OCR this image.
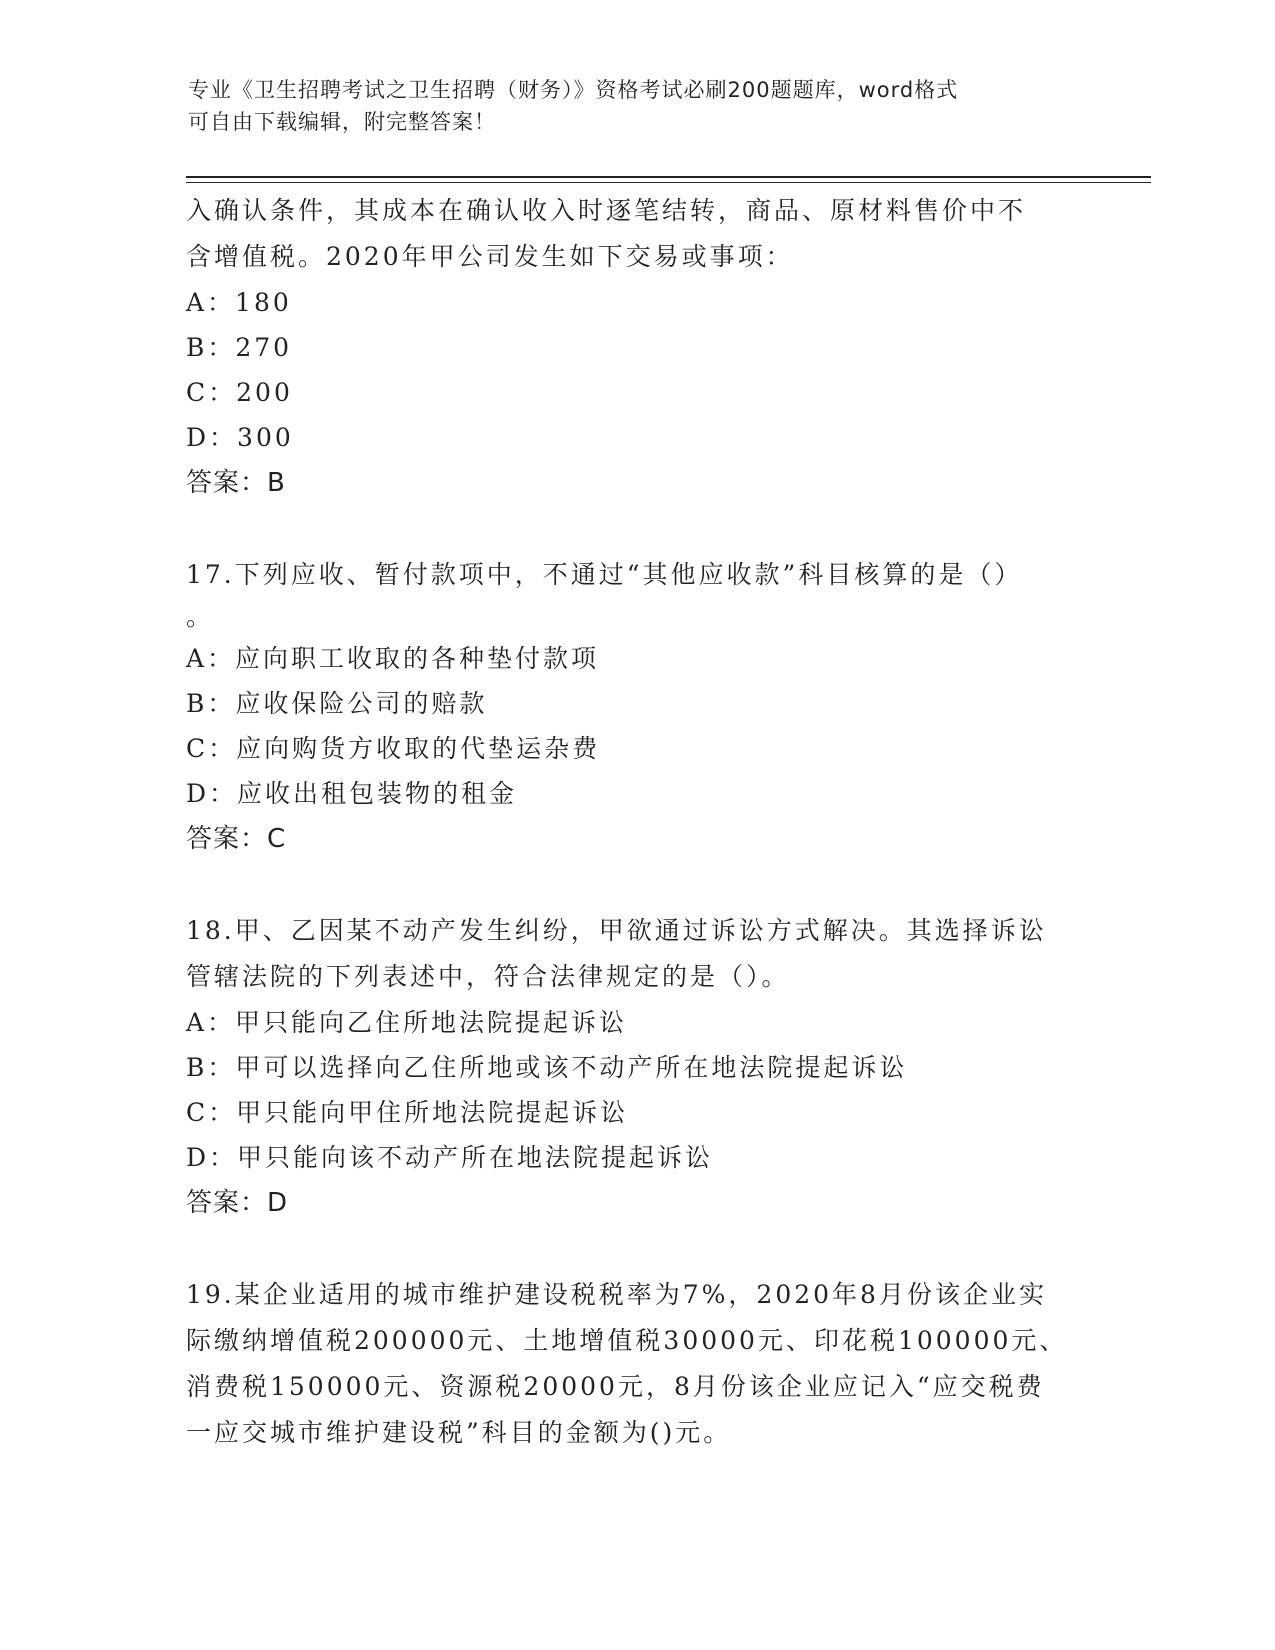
专业《卫生招聘考试之卫生招聘（财务）》资格考试必刷200题题库，word格式
可自由下载编辑，附完整答案！

入确认条件，其成本在确认收入时逐笔结转，商品、原材料售价中不

含增值税。2020年甲公司发生如下交易或事项：

A：180

B：270

C：200

D：300

答案：B

17.下列应收、暂付款项中，不通过“其他应收款”科目核算的是（）

。

A：应向职工收取的各种垫付款项

B：应收保险公司的赔款

C：应向购货方收取的代垫运杂费

D：应收出租包装物的租金

答案：C

18.甲、乙因某不动产发生纠纷，甲欲通过诉讼方式解决。其选择诉讼

管辖法院的下列表述中，符合法律规定的是（）。

A：甲只能向乙住所地法院提起诉讼

B：甲可以选择向乙住所地或该不动产所在地法院提起诉讼

C：甲只能向甲住所地法院提起诉讼

D：甲只能向该不动产所在地法院提起诉讼

答案：D

19.某企业适用的城市维护建设税税率为7%，2020年8月份该企业实

际缴纳增值税200000元、土地增值税30000元、印花税100000元、

消费税150000元、资源税20000元，8月份该企业应记入“应交税费

一应交城市维护建设税”科目的金额为()元。
